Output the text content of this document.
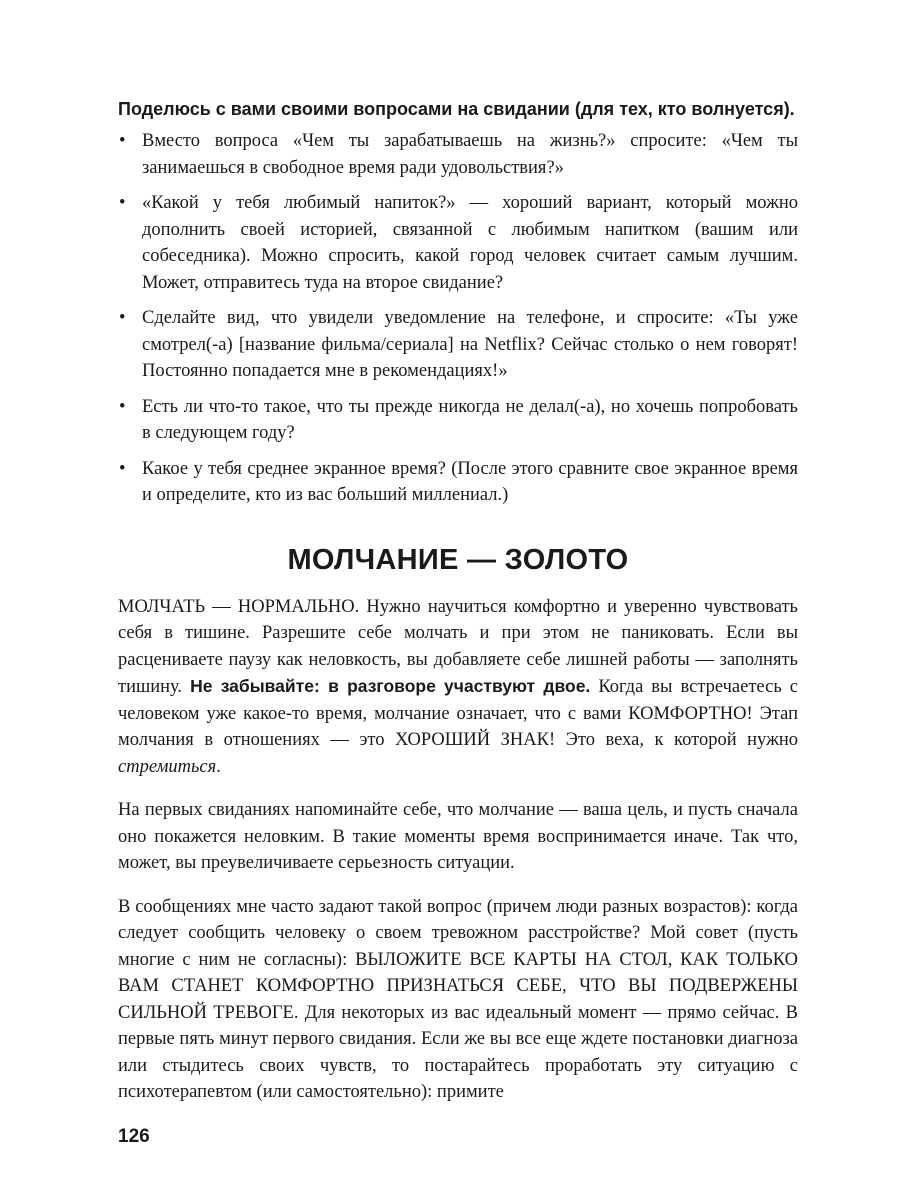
Поделюсь с вами своими вопросами на свидании (для тех, кто волнуется).

• Вместо вопроса «Чем ты зарабатываешь на жизнь?» спросите: «Чем ты занимаешься в свободное время ради удовольствия?»
• «Какой у тебя любимый напиток?» — хороший вариант, который можно дополнить своей историей, связанной с любимым напитком (вашим или собеседника). Можно спросить, какой город человек считает самым лучшим. Может, отправитесь туда на второе свидание?
• Сделайте вид, что увидели уведомление на телефоне, и спросите: «Ты уже смотрел(-а) [название фильма/сериала] на Netflix? Сейчас столько о нем говорят! Постоянно попадается мне в рекомендациях!»
• Есть ли что-то такое, что ты прежде никогда не делал(-а), но хочешь попробовать в следующем году?
• Какое у тебя среднее экранное время? (После этого сравните свое экранное время и определите, кто из вас больший миллениал.)
МОЛЧАНИЕ — ЗОЛОТО

МОЛЧАТЬ — НОРМАЛЬНО. Нужно научиться комфортно и уверенно чувствовать себя в тишине. Разрешите себе молчать и при этом не паниковать. Если вы расцениваете паузу как неловкость, вы добавляете себе лишней работы — заполнять тишину. Не забывайте: в разговоре участвуют двое. Когда вы встречаетесь с человеком уже какое-то время, молчание означает, что с вами КОМФОРТНО! Этап молчания в отношениях — это ХОРОШИЙ ЗНАК! Это веха, к которой нужно стремиться.

На первых свиданиях напоминайте себе, что молчание — ваша цель, и пусть сначала оно покажется неловким. В такие моменты время воспринимается иначе. Так что, может, вы преувеличиваете серьезность ситуации.

В сообщениях мне часто задают такой вопрос (причем люди разных возрастов): когда следует сообщить человеку о своем тревожном расстройстве? Мой совет (пусть многие с ним не согласны): ВЫЛОЖИТЕ ВСЕ КАРТЫ НА СТОЛ, КАК ТОЛЬКО ВАМ СТАНЕТ КОМФОРТНО ПРИЗНАТЬСЯ СЕБЕ, ЧТО ВЫ ПОДВЕРЖЕНЫ СИЛЬНОЙ ТРЕВОГЕ. Для некоторых из вас идеальный момент — прямо сейчас. В первые пять минут первого свидания. Если же вы все еще ждете постановки диагноза или стыдитесь своих чувств, то постарайтесь проработать эту ситуацию с психотерапевтом (или самостоятельно): примите

126
